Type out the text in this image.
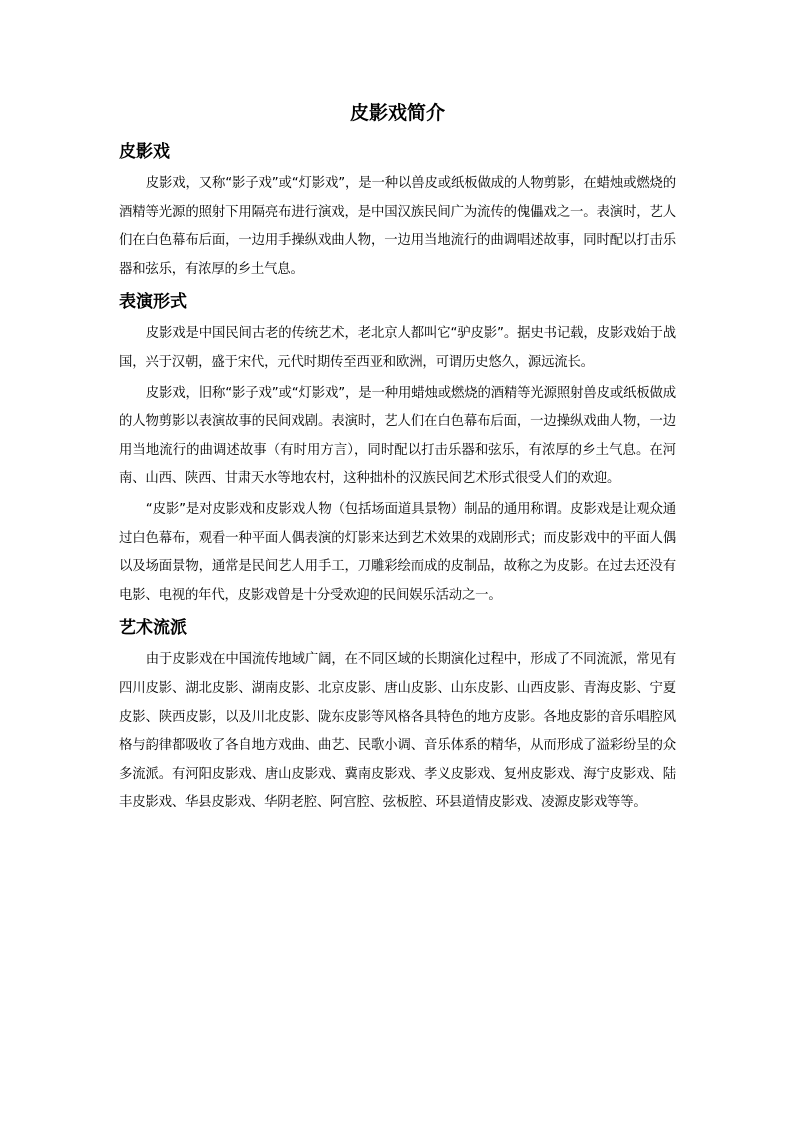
皮影戏简介
皮影戏

皮影戏，又称“影子戏”或“灯影戏”，是一种以兽皮或纸板做成的人物剪影，在蜡烛或燃烧的酒精等光源的照射下用隔亮布进行演戏，是中国汉族民间广为流传的傀儡戏之一。表演时，艺人们在白色幕布后面，一边用手操纵戏曲人物，一边用当地流行的曲调唱述故事，同时配以打击乐器和弦乐，有浓厚的乡土气息。

表演形式

皮影戏是中国民间古老的传统艺术，老北京人都叫它“驴皮影”。据史书记载，皮影戏始于战国，兴于汉朝，盛于宋代，元代时期传至西亚和欧洲，可谓历史悠久，源远流长。

皮影戏，旧称“影子戏”或“灯影戏”，是一种用蜡烛或燃烧的酒精等光源照射兽皮或纸板做成的人物剪影以表演故事的民间戏剧。表演时，艺人们在白色幕布后面，一边操纵戏曲人物，一边用当地流行的曲调述故事（有时用方言），同时配以打击乐器和弦乐，有浓厚的乡土气息。在河南、山西、陕西、甘肃天水等地农村，这种拙朴的汉族民间艺术形式很受人们的欢迎。

“皮影”是对皮影戏和皮影戏人物（包括场面道具景物）制品的通用称谓。皮影戏是让观众通过白色幕布，观看一种平面人偶表演的灯影来达到艺术效果的戏剧形式；而皮影戏中的平面人偶以及场面景物，通常是民间艺人用手工，刀雕彩绘而成的皮制品，故称之为皮影。在过去还没有电影、电视的年代，皮影戏曾是十分受欢迎的民间娱乐活动之一。

艺术流派

由于皮影戏在中国流传地域广阔，在不同区域的长期演化过程中，形成了不同流派，常见有四川皮影、湖北皮影、湖南皮影、北京皮影、唐山皮影、山东皮影、山西皮影、青海皮影、宁夏皮影、陕西皮影，以及川北皮影、陇东皮影等风格各具特色的地方皮影。各地皮影的音乐唱腔风格与韵律都吸收了各自地方戏曲、曲艺、民歌小调、音乐体系的精华，从而形成了溢彩纷呈的众多流派。有河阳皮影戏、唐山皮影戏、冀南皮影戏、孝义皮影戏、复州皮影戏、海宁皮影戏、陆丰皮影戏、华县皮影戏、华阴老腔、阿宫腔、弦板腔、环县道情皮影戏、凌源皮影戏等等。
